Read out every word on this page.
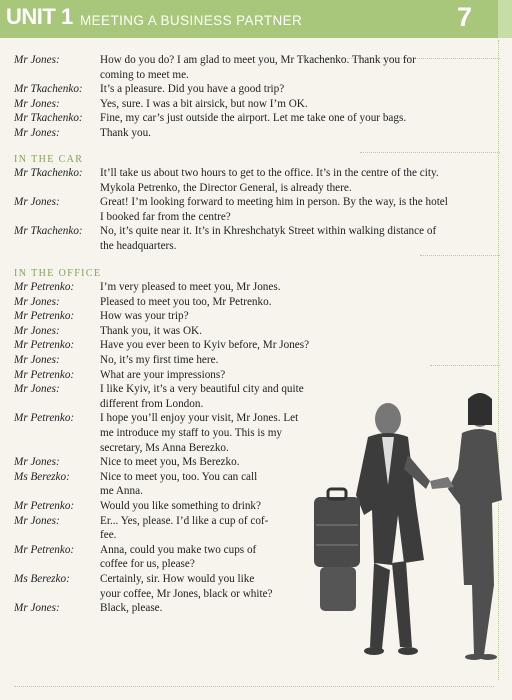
UNIT 1 MEETING A BUSINESS PARTNER	7
Mr Jones:	How do you do? I am glad to meet you, Mr Tkachenko. Thank you for
coming to meet me.
Mr Tkachenko: It’s a pleasure. Did you have a good trip?
Mr Jones:	Yes, sure. I was a bit airsick, but now I’m OK.
Mr Tkachenko: Fine, my car’s just outside the airport. Let me take one of your bags.
Mr Jones:	Thank you.
IN THE CAR
Mr Tkachenko: It’ll take us about two hours to get to the office. It’s in the centre of the city.
Mykola Petrenko, the Director General, is already there.
Mr Jones:	Great! I’m looking forward to meeting him in person. By the way, is the hotel
I booked far from the centre?
Mr Tkachenko: No, it’s quite near it. It’s in Khreshchatyk Street within walking distance of
the headquarters.
IN THE OFFICE
Mr Petrenko: I’m very pleased to meet you, Mr Jones.
Mr Jones:	Pleased to meet you too, Mr Petrenko.
Mr Petrenko: How was your trip?
Mr Jones:	Thank you, it was OK.
Mr Petrenko: Have you ever been to Kyiv before, Mr Jones?
Mr Jones:	No, it’s my first time here.
Mr Petrenko: What are your impressions?
Mr Jones:	I like Kyiv, it’s a very beautiful city and quite
different from London.
Mr Petrenko: I hope you’ll enjoy your visit, Mr Jones. Let
me introduce my staff to you. This is my
secretary, Ms Anna Berezko.
Mr Jones:	Nice to meet you, Ms Berezko.
Ms Berezko:	Nice to meet you, too. You can call
me Anna.
Mr Petrenko: Would you like something to drink?
Mr Jones:	Er... Yes, please. I’d like a cup of cof-
fee.
Mr Petrenko: Anna, could you make two cups of
coffee for us, please?
Ms Berezko:	Certainly, sir. How would you like
your coffee, Mr Jones, black or white?
Mr Jones:	Black, please.
